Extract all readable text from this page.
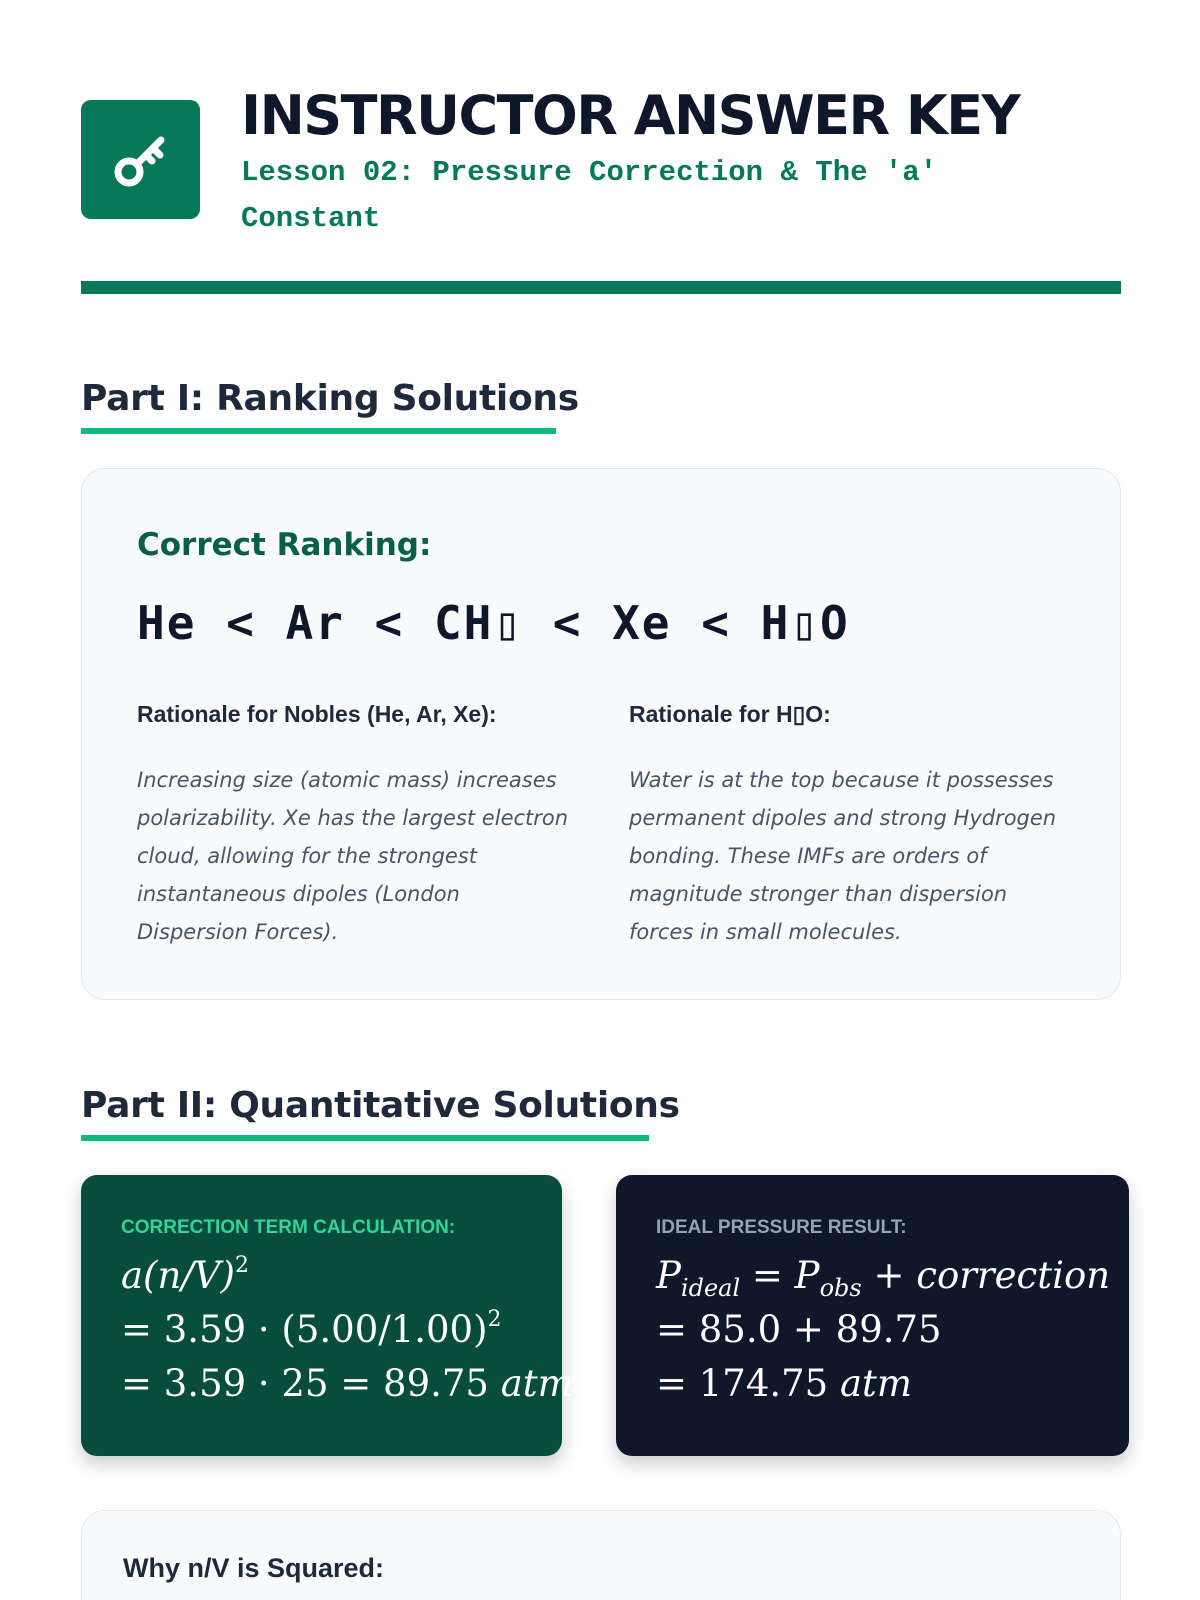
INSTRUCTOR ANSWER KEY
Lesson 02: Pressure Correction & The 'a' Constant
Part I: Ranking Solutions
Correct Ranking:
He < Ar < CH▯ < Xe < H▯O
Rationale for Nobles (He, Ar, Xe):
Increasing size (atomic mass) increases polarizability. Xe has the largest electron cloud, allowing for the strongest instantaneous dipoles (London Dispersion Forces).
Rationale for H▯O:
Water is at the top because it possesses permanent dipoles and strong Hydrogen bonding. These IMFs are orders of magnitude stronger than dispersion forces in small molecules.
Part II: Quantitative Solutions
CORRECTION TERM CALCULATION:
$a(n/V)^2$
= $3.59 \cdot (5.00/1.00)^2$
= 3.59 · 25 = 89.75 atm
IDEAL PRESSURE RESULT:
$P_{ideal} = P_{obs}$ + correction
= 85.0 + 89.75
= 174.75 atm
Why n/V is Squared:
